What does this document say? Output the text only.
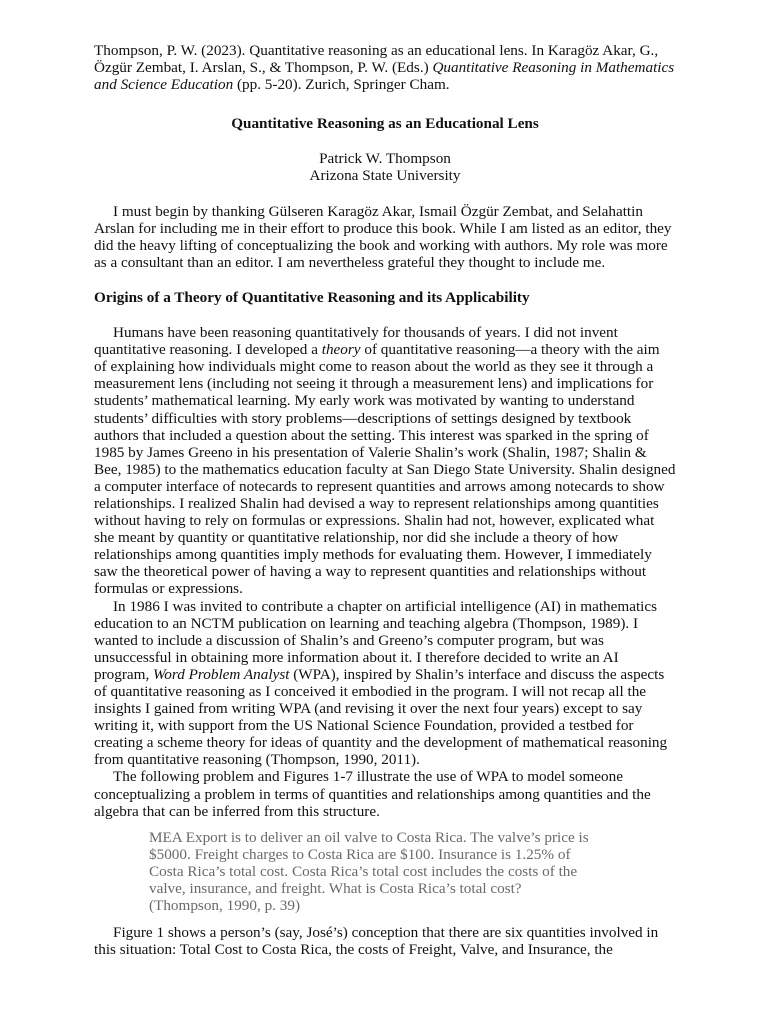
Thompson, P. W. (2023). Quantitative reasoning as an educational lens. In Karagöz Akar, G., Özgür Zembat, I. Arslan, S., & Thompson, P. W. (Eds.) Quantitative Reasoning in Mathematics and Science Education (pp. 5-20). Zurich, Springer Cham.

Quantitative Reasoning as an Educational Lens

Patrick W. Thompson
Arizona State University

I must begin by thanking Gülseren Karagöz Akar, Ismail Özgür Zembat, and Selahattin Arslan for including me in their effort to produce this book. While I am listed as an editor, they did the heavy lifting of conceptualizing the book and working with authors. My role was more as a consultant than an editor. I am nevertheless grateful they thought to include me.

Origins of a Theory of Quantitative Reasoning and its Applicability

Humans have been reasoning quantitatively for thousands of years. I did not invent quantitative reasoning. I developed a theory of quantitative reasoning—a theory with the aim of explaining how individuals might come to reason about the world as they see it through a measurement lens (including not seeing it through a measurement lens) and implications for students’ mathematical learning. My early work was motivated by wanting to understand students’ difficulties with story problems—descriptions of settings designed by textbook authors that included a question about the setting. This interest was sparked in the spring of 1985 by James Greeno in his presentation of Valerie Shalin’s work (Shalin, 1987; Shalin & Bee, 1985) to the mathematics education faculty at San Diego State University. Shalin designed a computer interface of notecards to represent quantities and arrows among notecards to show relationships. I realized Shalin had devised a way to represent relationships among quantities without having to rely on formulas or expressions. Shalin had not, however, explicated what she meant by quantity or quantitative relationship, nor did she include a theory of how relationships among quantities imply methods for evaluating them. However, I immediately saw the theoretical power of having a way to represent quantities and relationships without formulas or expressions.

In 1986 I was invited to contribute a chapter on artificial intelligence (AI) in mathematics education to an NCTM publication on learning and teaching algebra (Thompson, 1989). I wanted to include a discussion of Shalin’s and Greeno’s computer program, but was unsuccessful in obtaining more information about it. I therefore decided to write an AI program, Word Problem Analyst (WPA), inspired by Shalin’s interface and discuss the aspects of quantitative reasoning as I conceived it embodied in the program. I will not recap all the insights I gained from writing WPA (and revising it over the next four years) except to say writing it, with support from the US National Science Foundation, provided a testbed for creating a scheme theory for ideas of quantity and the development of mathematical reasoning from quantitative reasoning (Thompson, 1990, 2011).

The following problem and Figures 1-7 illustrate the use of WPA to model someone conceptualizing a problem in terms of quantities and relationships among quantities and the algebra that can be inferred from this structure.

MEA Export is to deliver an oil valve to Costa Rica. The valve’s price is $5000. Freight charges to Costa Rica are $100. Insurance is 1.25% of Costa Rica’s total cost. Costa Rica’s total cost includes the costs of the valve, insurance, and freight. What is Costa Rica’s total cost? (Thompson, 1990, p. 39)

Figure 1 shows a person’s (say, José’s) conception that there are six quantities involved in this situation: Total Cost to Costa Rica, the costs of Freight, Valve, and Insurance, the
